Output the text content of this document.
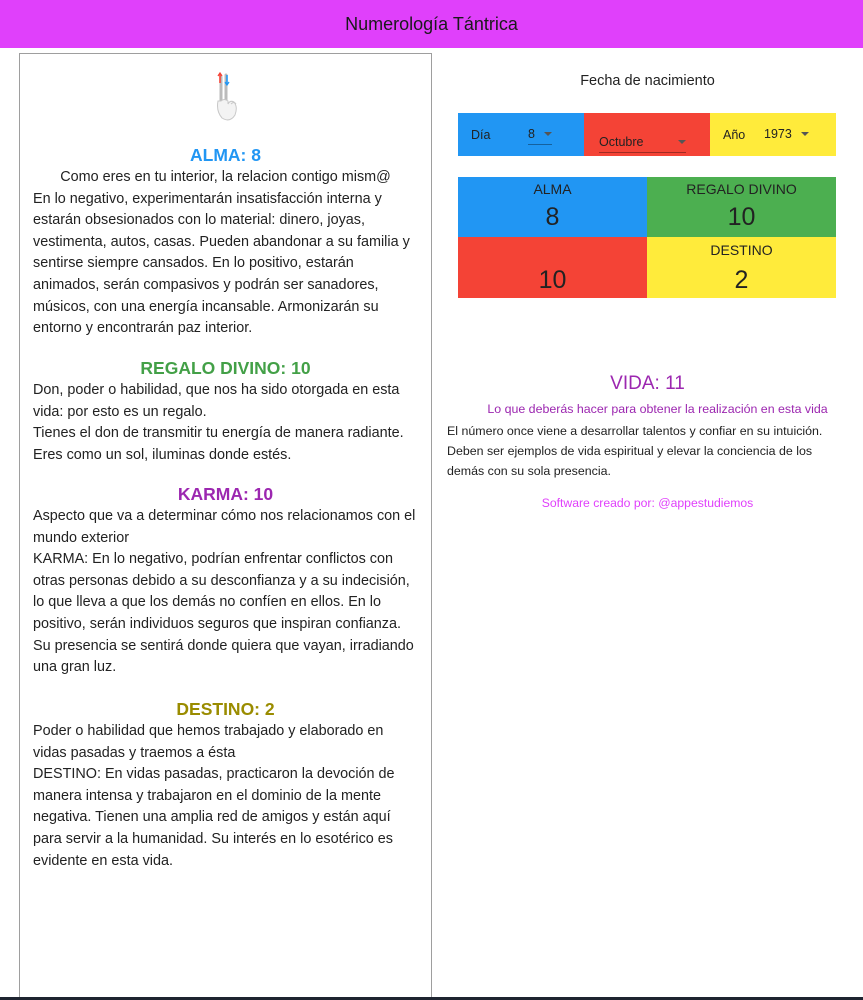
Numerología Tántrica
ALMA: 8
Como eres en tu interior, la relacion contigo mism@
En lo negativo, experimentarán insatisfacción interna y estarán obsesionados con lo material: dinero, joyas, vestimenta, autos, casas. Pueden abandonar a su familia y sentirse siempre cansados. En lo positivo, estarán animados, serán compasivos y podrán ser sanadores, músicos, con una energía incansable. Armonizarán su entorno y encontrarán paz interior.
REGALO DIVINO: 10
Don, poder o habilidad, que nos ha sido otorgada en esta vida: por esto es un regalo.
Tienes el don de transmitir tu energía de manera radiante. Eres como un sol, iluminas donde estés.
KARMA: 10
Aspecto que va a determinar cómo nos relacionamos con el mundo exterior
KARMA: En lo negativo, podrían enfrentar conflictos con otras personas debido a su desconfianza y a su indecisión, lo que lleva a que los demás no confíen en ellos. En lo positivo, serán individuos seguros que inspiran confianza. Su presencia se sentirá donde quiera que vayan, irradiando una gran luz.
DESTINO: 2
Poder o habilidad que hemos trabajado y elaborado en vidas pasadas y traemos a ésta
DESTINO: En vidas pasadas, practicaron la devoción de manera intensa y trabajaron en el dominio de la mente negativa. Tienen una amplia red de amigos y están aquí para servir a la humanidad. Su interés en lo esotérico es evidente en esta vida.
Fecha de nacimiento
Día	8
Octubre
Año 1973
ALMA
8
REGALO DIVINO
10
10
DESTINO
2
VIDA: 11
Lo que deberás hacer para obtener la realización en esta vida
El número once viene a desarrollar talentos y confiar en su intuición. Deben ser ejemplos de vida espiritual y elevar la conciencia de los demás con su sola presencia.
Software creado por: @appestudiemos
